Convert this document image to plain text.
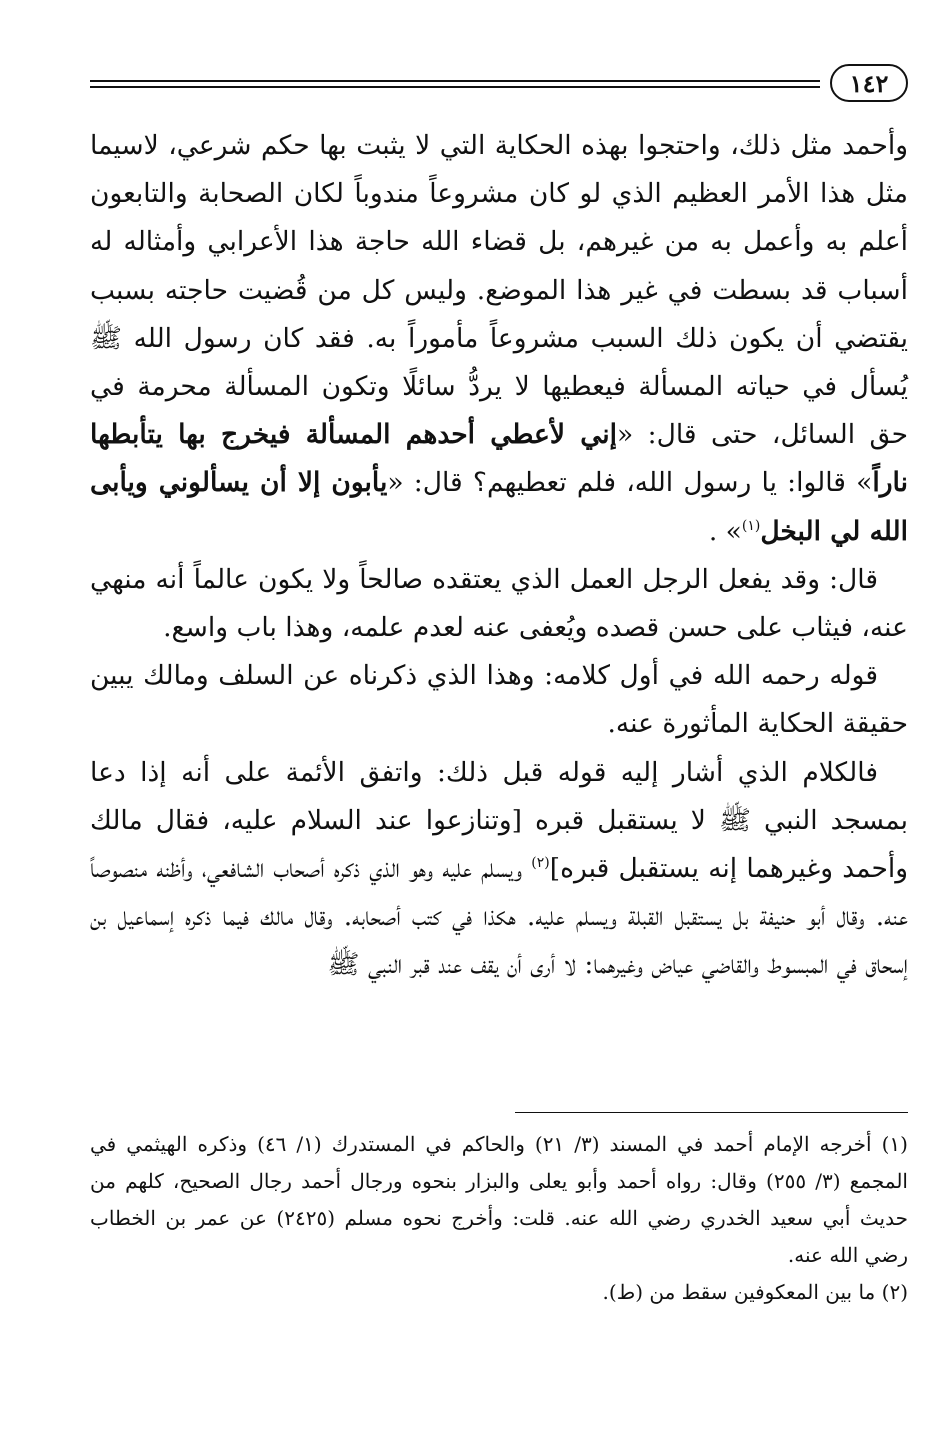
١٤٢

وأحمد مثل ذلك، واحتجوا بهذه الحكاية التي لا يثبت بها حكم شرعي، لاسيما مثل هذا الأمر العظيم الذي لو كان مشروعاً مندوباً لكان الصحابة والتابعون أعلم به وأعمل به من غيرهم، بل قضاء الله حاجة هذا الأعرابي وأمثاله له أسباب قد بسطت في غير هذا الموضع. وليس كل من قُضيت حاجته بسبب يقتضي أن يكون ذلك السبب مشروعاً مأموراً به. فقد كان رسول الله ﷺ يُسأل في حياته المسألة فيعطيها لا يردُّ سائلًا وتكون المسألة محرمة في حق السائل، حتى قال: «إني لأعطي أحدهم المسألة فيخرج بها يتأبطها ناراً» قالوا: يا رسول الله، فلم تعطيهم؟ قال: «يأبون إلا أن يسألوني ويأبى الله لي البخل$^{(١)}$» .

قال: وقد يفعل الرجل العمل الذي يعتقده صالحاً ولا يكون عالماً أنه منهي عنه، فيثاب على حسن قصده ويُعفى عنه لعدم علمه، وهذا باب واسع.

قوله رحمه الله في أول كلامه: وهذا الذي ذكرناه عن السلف ومالك يبين حقيقة الحكاية المأثورة عنه.

فالكلام الذي أشار إليه قوله قبل ذلك: واتفق الأئمة على أنه إذا دعا بمسجد النبي ﷺ لا يستقبل قبره [وتنازعوا عند السلام عليه، فقال مالك وأحمد وغيرهما إنه يستقبل قبره]$^{(٢)}$ ويسلم عليه وهو الذي ذكره أصحاب الشافعي، وأظنه منصوصاً عنه. وقال أبو حنيفة بل يستقبل القبلة ويسلم عليه. هكذا في كتب أصحابه. وقال مالك فيما ذكره إسماعيل بن إسحاق في المبسوط والقاضي عياض وغيرهما: لا أرى أن يقف عند قبر النبي ﷺ

(١) أخرجه الإمام أحمد في المسند (٣/ ٢١) والحاكم في المستدرك (١/ ٤٦) وذكره الهيثمي في المجمع (٣/ ٢٥٥) وقال: رواه أحمد وأبو يعلى والبزار بنحوه ورجال أحمد رجال الصحيح، كلهم من حديث أبي سعيد الخدري رضي الله عنه. قلت: وأخرج نحوه مسلم (٢٤٢٥) عن عمر بن الخطاب رضي الله عنه.

(٢) ما بين المعكوفين سقط من (ط).
